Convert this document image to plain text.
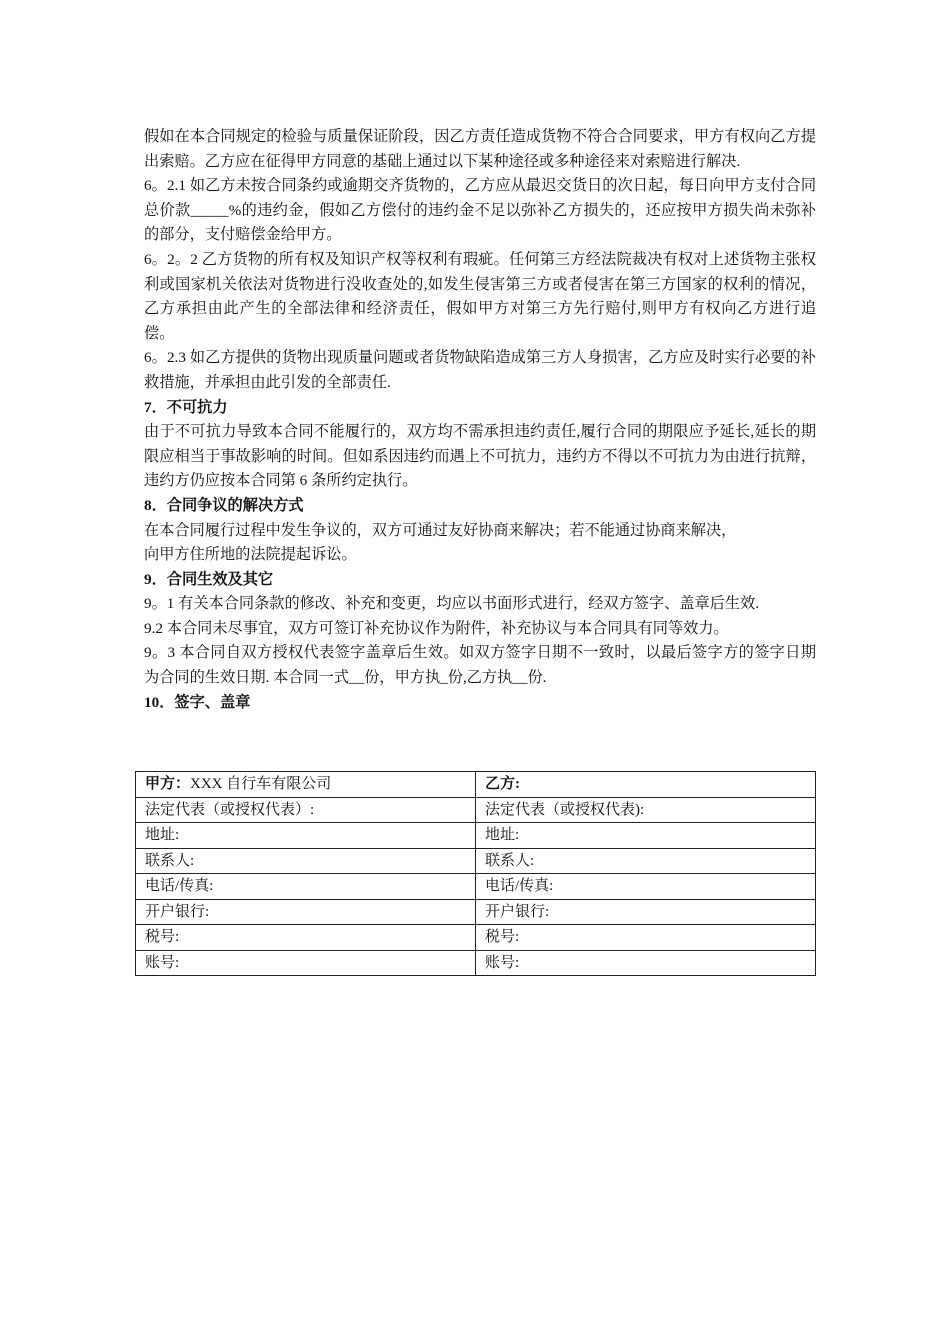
假如在本合同规定的检验与质量保证阶段，因乙方责任造成货物不符合合同要求，甲方有权向乙方提出索赔。乙方应在征得甲方同意的基础上通过以下某种途径或多种途径来对索赔进行解决.

6。2.1 如乙方未按合同条约或逾期交齐货物的，乙方应从最迟交货日的次日起，每日向甲方支付合同总价款_____%的违约金，假如乙方偿付的违约金不足以弥补乙方损失的，还应按甲方损失尚未弥补的部分，支付赔偿金给甲方。

6。2。2 乙方货物的所有权及知识产权等权利有瑕疵。任何第三方经法院裁决有权对上述货物主张权利或国家机关依法对货物进行没收查处的,如发生侵害第三方或者侵害在第三方国家的权利的情况，乙方承担由此产生的全部法律和经济责任，假如甲方对第三方先行赔付,则甲方有权向乙方进行追偿。

6。2.3 如乙方提供的货物出现质量问题或者货物缺陷造成第三方人身损害，乙方应及时实行必要的补救措施，并承担由此引发的全部责任.

7．不可抗力

由于不可抗力导致本合同不能履行的，双方均不需承担违约责任,履行合同的期限应予延长,延长的期限应相当于事故影响的时间。但如系因违约而遇上不可抗力，违约方不得以不可抗力为由进行抗辩，违约方仍应按本合同第 6 条所约定执行。

8．合同争议的解决方式

在本合同履行过程中发生争议的，双方可通过友好协商来解决；若不能通过协商来解决，

向甲方住所地的法院提起诉讼。

9．合同生效及其它

9。1 有关本合同条款的修改、补充和变更，均应以书面形式进行，经双方签字、盖章后生效.

9.2 本合同未尽事宜，双方可签订补充协议作为附件，补充协议与本合同具有同等效力。

9。3 本合同自双方授权代表签字盖章后生效。如双方签字日期不一致时，以最后签字方的签字日期为合同的生效日期. 本合同一式__份，甲方执_份,乙方执__份.

10．签字、盖章

甲方：XXX 自行车有限公司	乙方:
法定代表（或授权代表）:	法定代表（或授权代表):
地址:	地址:
联系人:	联系人:
电话/传真:	电话/传真:
开户银行:	开户银行:
税号:	税号:
账号:	账号:
